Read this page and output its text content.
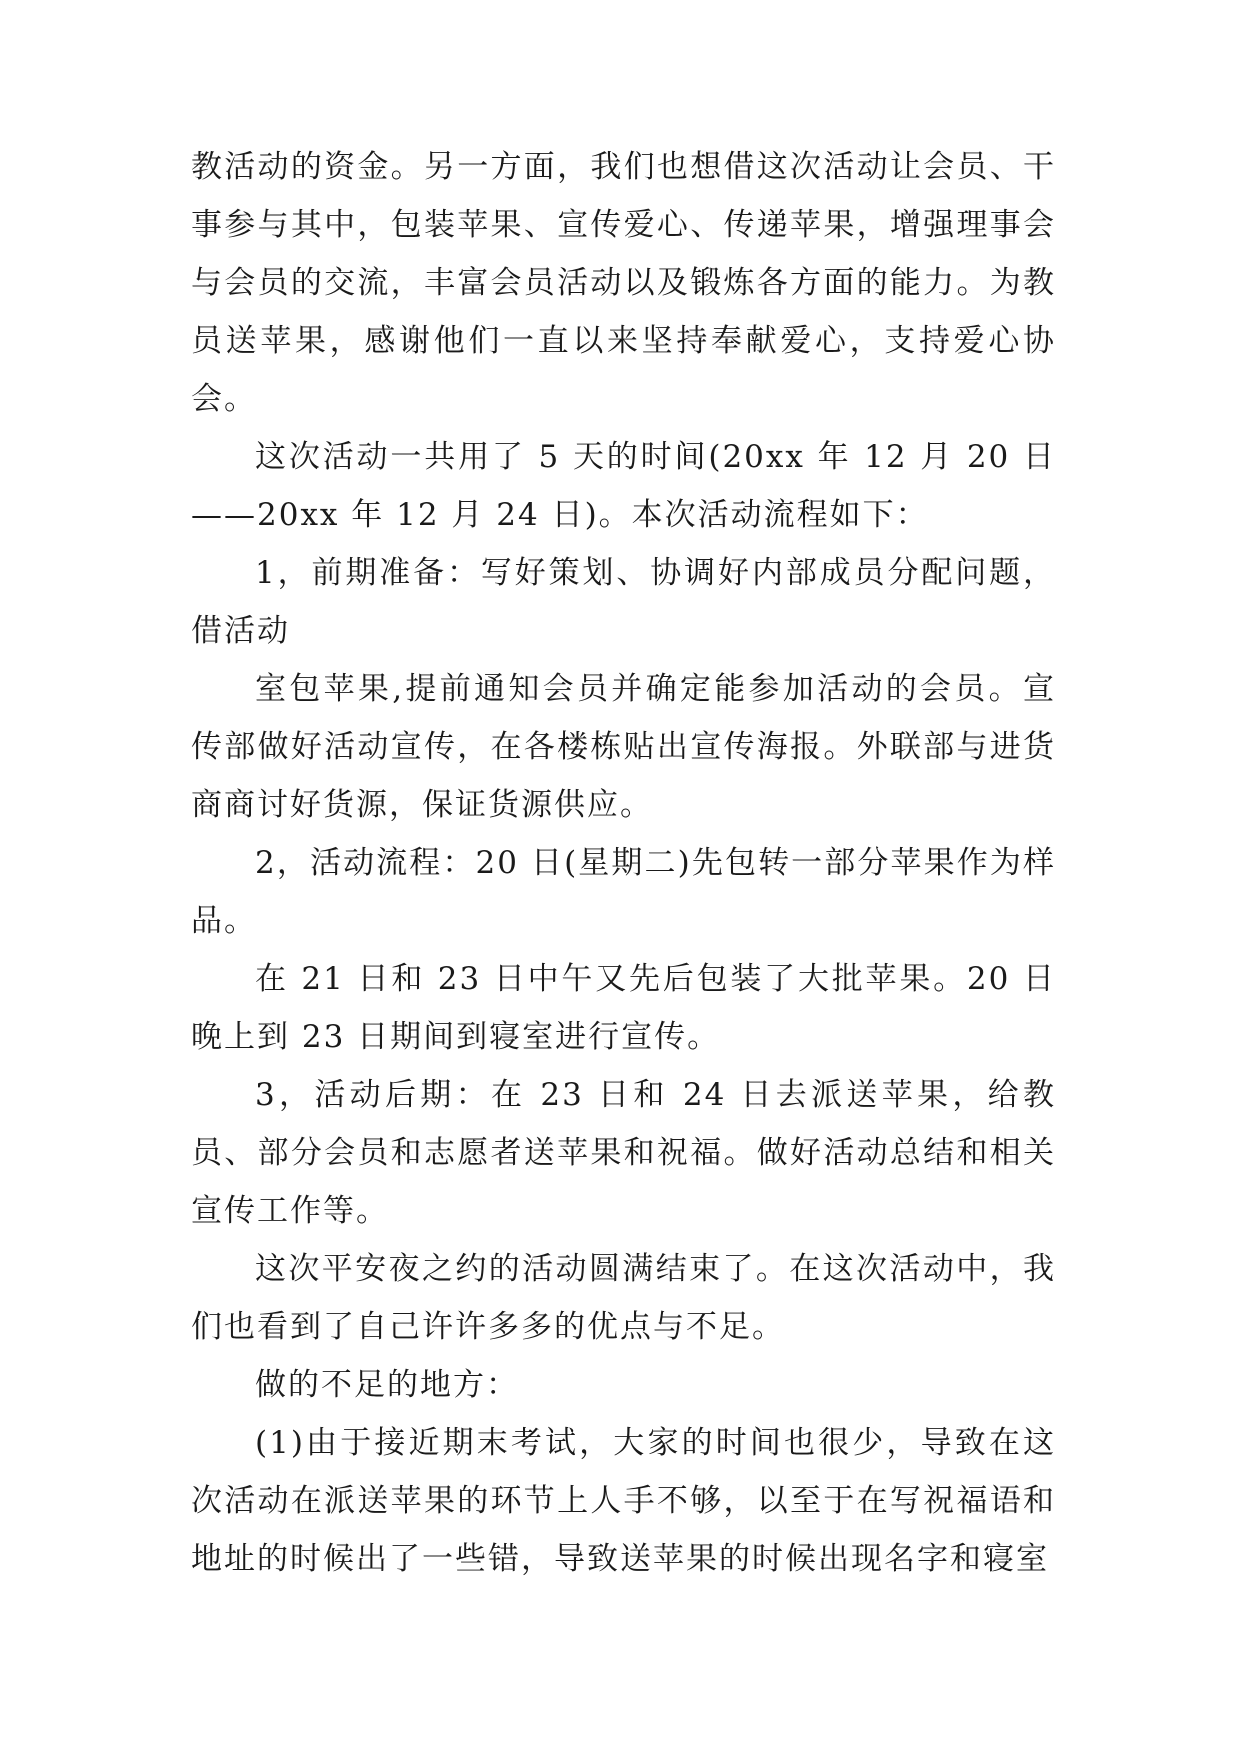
教活动的资金。另一方面，我们也想借这次活动让会员、干事参与其中，包装苹果、宣传爱心、传递苹果，增强理事会与会员的交流，丰富会员活动以及锻炼各方面的能力。为教员送苹果，感谢他们一直以来坚持奉献爱心，支持爱心协会。

这次活动一共用了 5 天的时间(20xx 年 12 月 20 日——20xx 年 12 月 24 日)。本次活动流程如下：

1，前期准备：写好策划、协调好内部成员分配问题，借活动

室包苹果,提前通知会员并确定能参加活动的会员。宣传部做好活动宣传，在各楼栋贴出宣传海报。外联部与进货商商讨好货源，保证货源供应。

2，活动流程：20 日(星期二)先包转一部分苹果作为样品。

在 21 日和 23 日中午又先后包装了大批苹果。20 日晚上到 23 日期间到寝室进行宣传。

3，活动后期：在 23 日和 24 日去派送苹果，给教员、部分会员和志愿者送苹果和祝福。做好活动总结和相关宣传工作等。

这次平安夜之约的活动圆满结束了。在这次活动中，我们也看到了自己许许多多的优点与不足。

做的不足的地方：

(1)由于接近期末考试，大家的时间也很少，导致在这次活动在派送苹果的环节上人手不够，以至于在写祝福语和地址的时候出了一些错，导致送苹果的时候出现名字和寝室
